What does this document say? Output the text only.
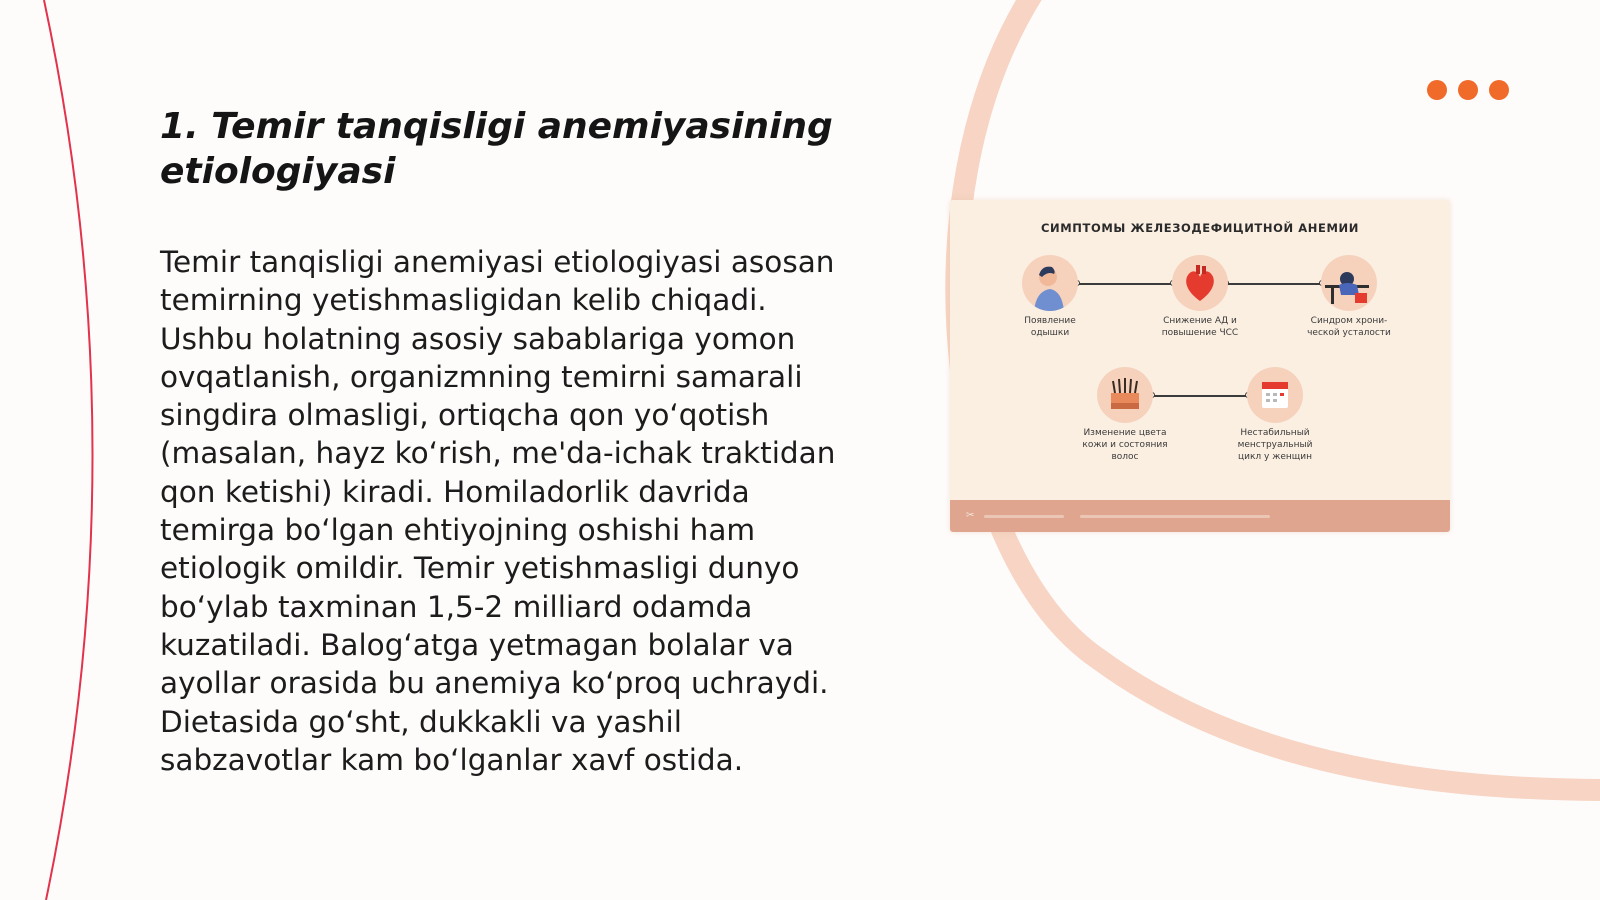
1. Temir tanqisligi anemiyasining etiologiyasi

Temir tanqisligi anemiyasi etiologiyasi asosan temirning yetishmasligidan kelib chiqadi. Ushbu holatning asosiy sabablariga yomon ovqatlanish, organizmning temirni samarali singdira olmasligi, ortiqcha qon yo‘qotish (masalan, hayz ko‘rish, me'da-ichak traktidan qon ketishi) kiradi. Homiladorlik davrida temirga bo‘lgan ehtiyojning oshishi ham etiologik omildir. Temir yetishmasligi dunyo bo‘ylab taxminan 1,5-2 milliard odamda kuzatiladi. Balog‘atga yetmagan bolalar va ayollar orasida bu anemiya ko‘proq uchraydi. Dietasida go‘sht, dukkakli va yashil sabzavotlar kam bo‘lganlar xavf ostida.

СИМПТОМЫ ЖЕЛЕЗОДЕФИЦИТНОЙ АНЕМИИ
Появление
одышки
Снижение АД и
повышение ЧСС
Синдром хрони-
ческой усталости
Изменение цвета
кожи и состояния
волос
Нестабильный
менструальный
цикл у женщин
✂
